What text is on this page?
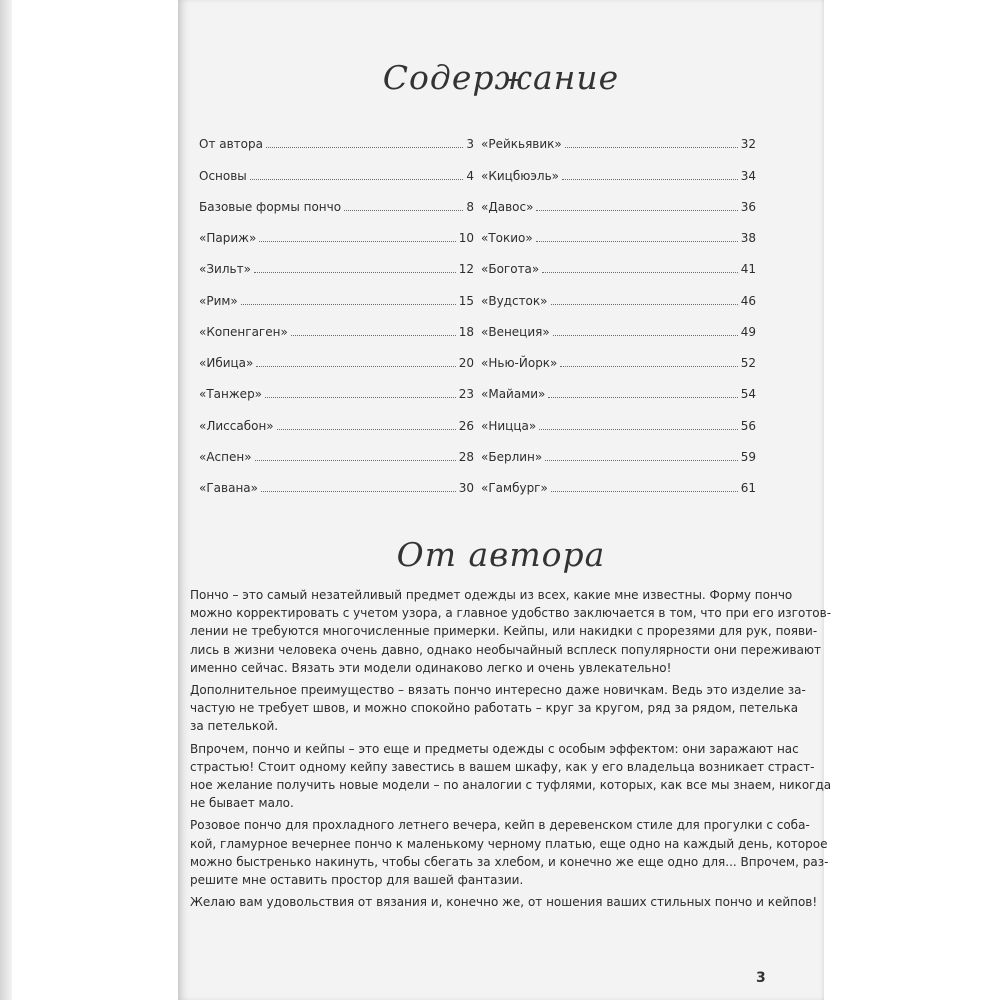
Содержание
От автора	3
Основы	4
Базовые формы пончо	8
«Париж»	10
«Зильт»	12
«Рим»	15
«Копенгаген»	18
«Ибица»	20
«Танжер»	23
«Лиссабон»	26
«Аспен»	28
«Гавана»	30
«Рейкьявик»	32
«Кицбюэль»	34
«Давос»	36
«Токио»	38
«Богота»	41
«Вудсток»	46
«Венеция»	49
«Нью-Йорк»	52
«Майами»	54
«Ницца»	56
«Берлин»	59
«Гамбург»	61
От автора

Пончо – это самый незатейливый предмет одежды из всех, какие мне известны. Форму пончо
можно корректировать с учетом узора, а главное удобство заключается в том, что при его изготов-
лении не требуются многочисленные примерки. Кейпы, или накидки с прорезями для рук, появи-
лись в жизни человека очень давно, однако необычайный всплеск популярности они переживают
именно сейчас. Вязать эти модели одинаково легко и очень увлекательно!

Дополнительное преимущество – вязать пончо интересно даже новичкам. Ведь это изделие за-
частую не требует швов, и можно спокойно работать – круг за кругом, ряд за рядом, петелька
за петелькой.

Впрочем, пончо и кейпы – это еще и предметы одежды с особым эффектом: они заражают нас
страстью! Стоит одному кейпу завестись в вашем шкафу, как у его владельца возникает страст-
ное желание получить новые модели – по аналогии с туфлями, которых, как все мы знаем, никогда
не бывает мало.

Розовое пончо для прохладного летнего вечера, кейп в деревенском стиле для прогулки с соба-
кой, гламурное вечернее пончо к маленькому черному платью, еще одно на каждый день, которое
можно быстренько накинуть, чтобы сбегать за хлебом, и конечно же еще одно для... Впрочем, раз-
решите мне оставить простор для вашей фантазии.

Желаю вам удовольствия от вязания и, конечно же, от ношения ваших стильных пончо и кейпов!

3
